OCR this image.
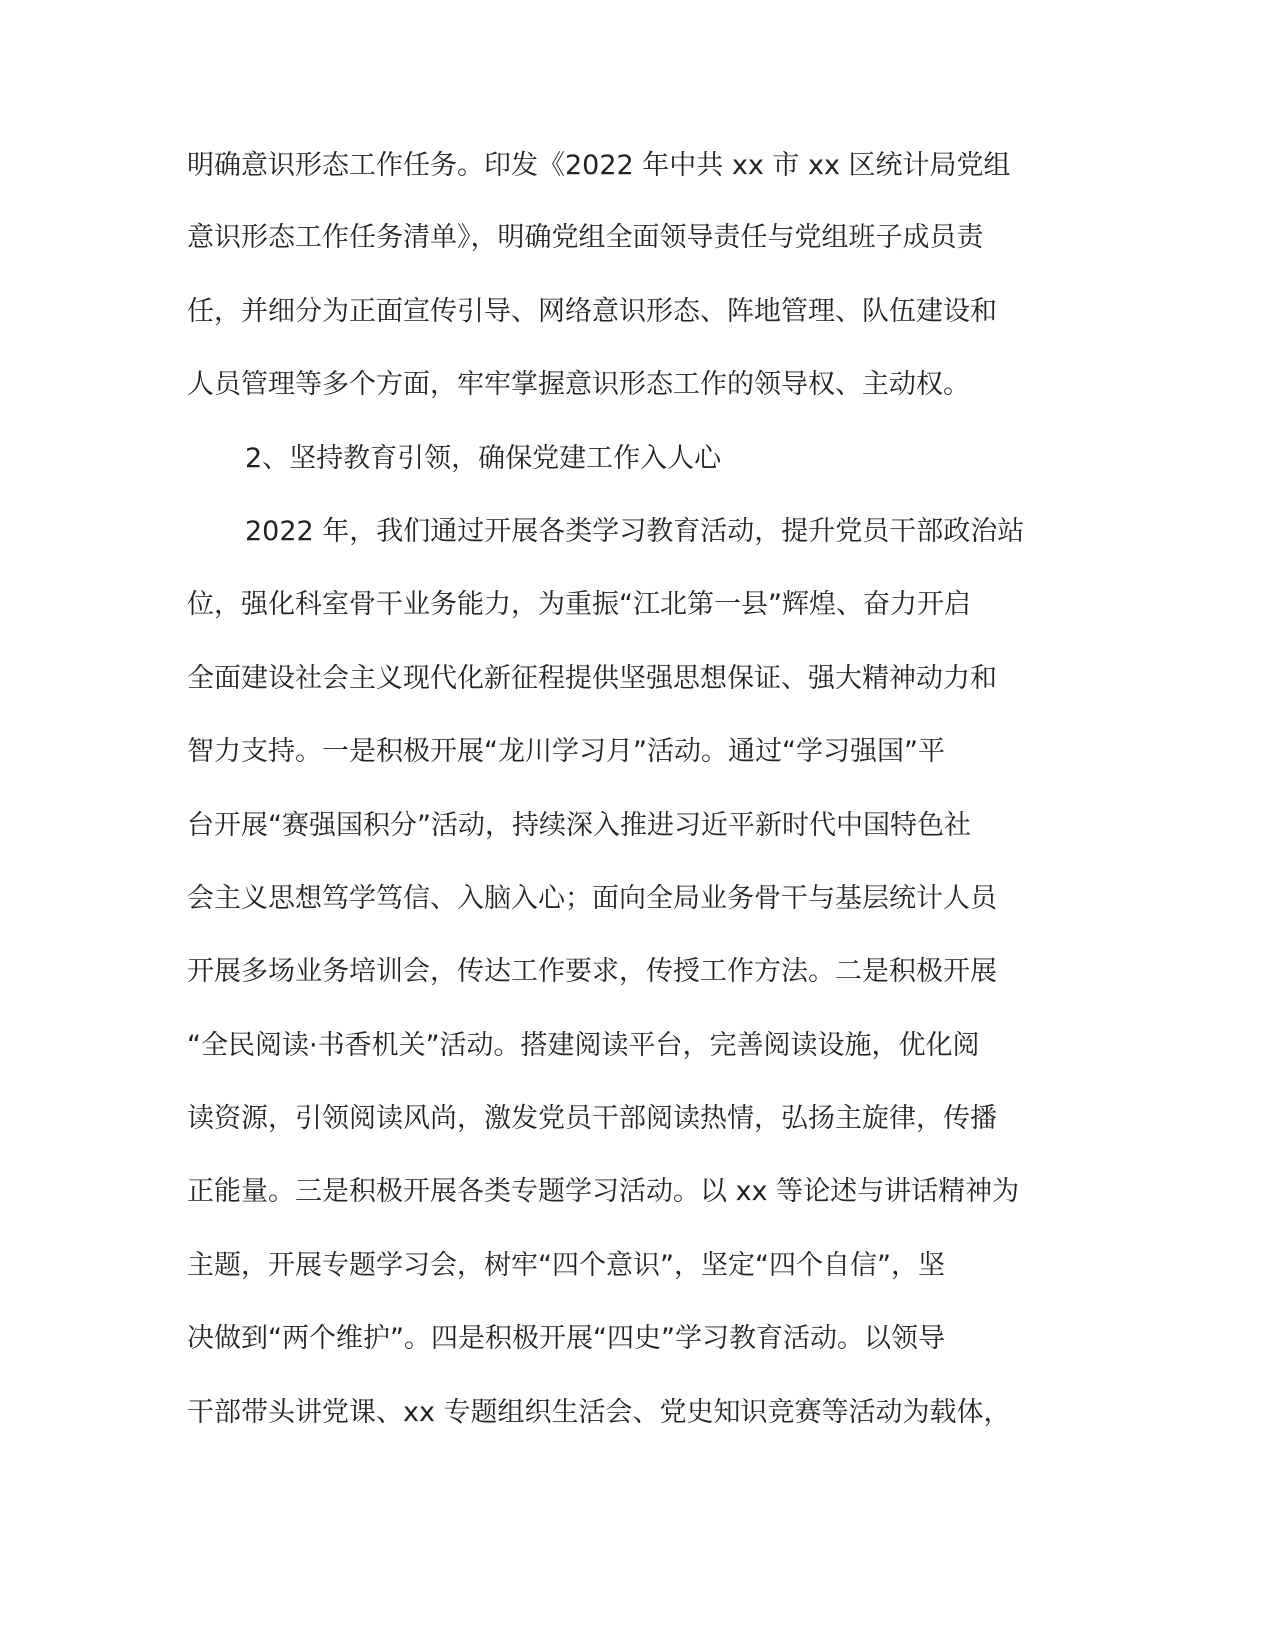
明确意识形态工作任务。印发《2022 年中共 xx 市 xx 区统计局党组
意识形态工作任务清单》，明确党组全面领导责任与党组班子成员责
任，并细分为正面宣传引导、网络意识形态、阵地管理、队伍建设和
人员管理等多个方面，牢牢掌握意识形态工作的领导权、主动权。
2、坚持教育引领，确保党建工作入人心
2022 年，我们通过开展各类学习教育活动，提升党员干部政治站
位，强化科室骨干业务能力，为重振“江北第一县”辉煌、奋力开启
全面建设社会主义现代化新征程提供坚强思想保证、强大精神动力和
智力支持。一是积极开展“龙川学习月”活动。通过“学习强国”平
台开展“赛强国积分”活动，持续深入推进习近平新时代中国特色社
会主义思想笃学笃信、入脑入心；面向全局业务骨干与基层统计人员
开展多场业务培训会，传达工作要求，传授工作方法。二是积极开展
“全民阅读·书香机关”活动。搭建阅读平台，完善阅读设施，优化阅
读资源，引领阅读风尚，激发党员干部阅读热情，弘扬主旋律，传播
正能量。三是积极开展各类专题学习活动。以 xx 等论述与讲话精神为
主题，开展专题学习会，树牢“四个意识”，坚定“四个自信”，坚
决做到“两个维护”。四是积极开展“四史”学习教育活动。以领导
干部带头讲党课、xx 专题组织生活会、党史知识竞赛等活动为载体，
